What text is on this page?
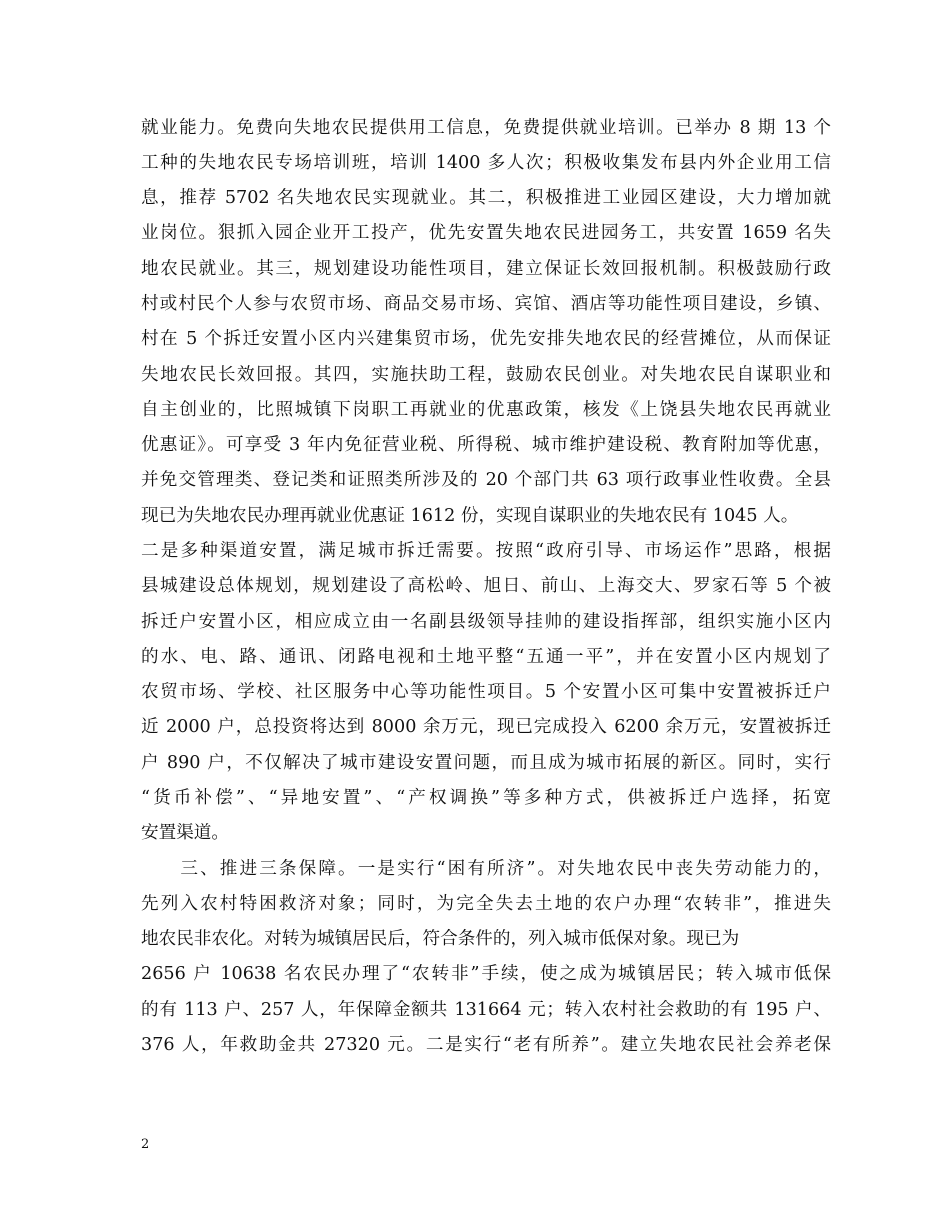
就业能力。免费向失地农民提供用工信息，免费提供就业培训。已举办 8 期 13 个
工种的失地农民专场培训班，培训 1400 多人次；积极收集发布县内外企业用工信
息，推荐 5702 名失地农民实现就业。其二，积极推进工业园区建设，大力增加就
业岗位。狠抓入园企业开工投产，优先安置失地农民进园务工，共安置 1659 名失
地农民就业。其三，规划建设功能性项目，建立保证长效回报机制。积极鼓励行政
村或村民个人参与农贸市场、商品交易市场、宾馆、酒店等功能性项目建设，乡镇、
村在 5 个拆迁安置小区内兴建集贸市场，优先安排失地农民的经营摊位，从而保证
失地农民长效回报。其四，实施扶助工程，鼓励农民创业。对失地农民自谋职业和
自主创业的，比照城镇下岗职工再就业的优惠政策，核发《上饶县失地农民再就业
优惠证》。可享受 3 年内免征营业税、所得税、城市维护建设税、教育附加等优惠，
并免交管理类、登记类和证照类所涉及的 20 个部门共 63 项行政事业性收费。全县
现已为失地农民办理再就业优惠证 1612 份，实现自谋职业的失地农民有 1045 人。
二是多种渠道安置，满足城市拆迁需要。按照“政府引导、市场运作”思路，根据
县城建设总体规划，规划建设了高松岭、旭日、前山、上海交大、罗家石等 5 个被
拆迁户安置小区，相应成立由一名副县级领导挂帅的建设指挥部，组织实施小区内
的水、电、路、通讯、闭路电视和土地平整“五通一平”，并在安置小区内规划了
农贸市场、学校、社区服务中心等功能性项目。5 个安置小区可集中安置被拆迁户
近 2000 户，总投资将达到 8000 余万元，现已完成投入 6200 余万元，安置被拆迁
户 890 户，不仅解决了城市建设安置问题，而且成为城市拓展的新区。同时，实行
“货币补偿”、“异地安置”、“产权调换”等多种方式，供被拆迁户选择，拓宽
安置渠道。
　　三、推进三条保障。一是实行“困有所济”。对失地农民中丧失劳动能力的，
先列入农村特困救济对象；同时，为完全失去土地的农户办理“农转非”，推进失
地农民非农化。对转为城镇居民后，符合条件的，列入城市低保对象。现已为
2656 户 10638 名农民办理了“农转非”手续，使之成为城镇居民；转入城市低保
的有 113 户、257 人，年保障金额共 131664 元；转入农村社会救助的有 195 户、
376 人，年救助金共 27320 元。二是实行“老有所养”。建立失地农民社会养老保
2
